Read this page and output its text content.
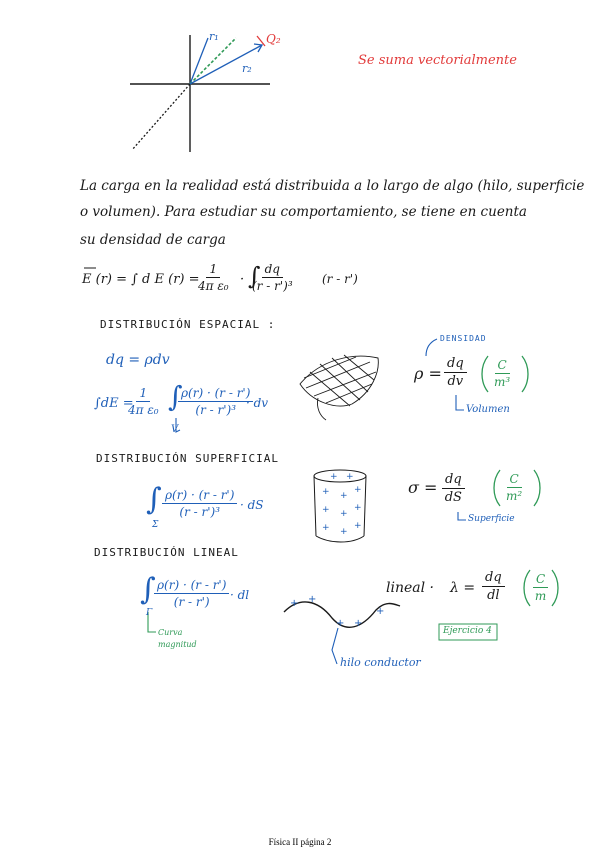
+ +
+ +
+
+ +
+
+ +
+
+ +
+ +
+
r₁	Q₂
r₂
Se suma vectorialmente
La carga en la realidad está distribuida a lo largo de algo (hilo, superficie
o volumen). Para estudiar su comportamiento, se tiene en cuenta
su densidad de carga
E (r) = ∫ d E (r) =
$\frac{1}{\text{4π ε₀}}$ · ∫
$\frac{dq}{\text{(r - r')³}} (r - r')$
DISTRIBUCIÓN ESPACIAL :
dq = ρdv
∫dE =
$\frac{1}{\text{4π ε₀}}$ ∫
$\frac{\rho(r) \cdot (r - r')}{\text{(r - r')³}}$
· dv
V
$\rho = \frac{dq}{dv} \frac{C}{\text{m³}}$
DENSIDAD
Volumen
DISTRIBUCIÓN SUPERFICIAL
∫
Σ
$\frac{\rho(r) \cdot (r - r')}{\text{(r - r')³}}$ · dS
$\sigma = \frac{dq}{dS}$	$\frac{C}{\text{m²}}$
Superficie
DISTRIBUCIÓN LINEAL
∫
Γ
$\frac{\rho(r) \cdot (r - r')}{(r - r')}$ · dl
Curva
magnitud
lineal · $\lambda = \frac{dq}{dl} \frac{C}{m}$
Ejercicio 4
hilo conductor
Física II página 2
